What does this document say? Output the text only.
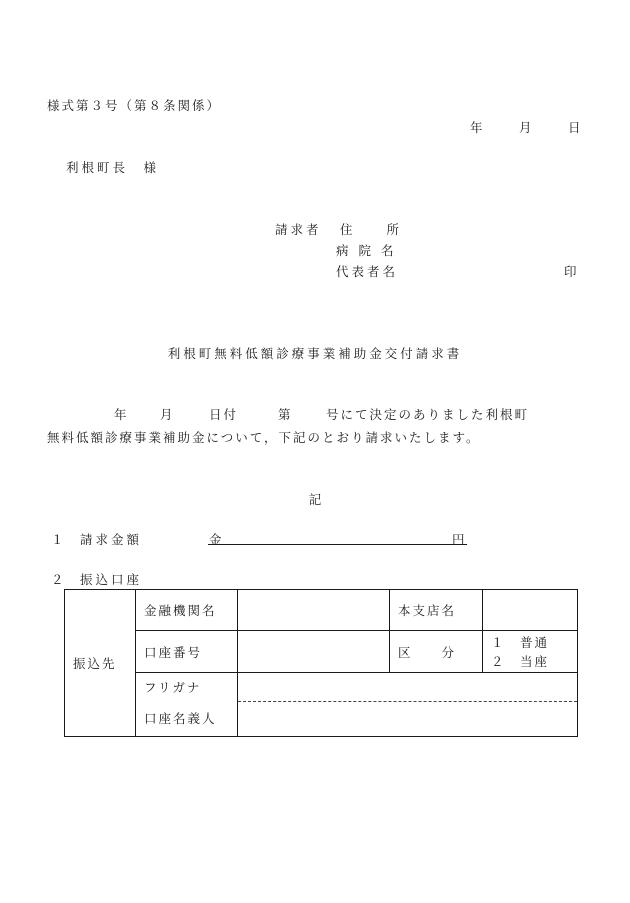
様式第３号（第８条関係）
年	月	日
利根町長　様
請求者 住　　所
病 院 名
代表者名	印
利根町無料低額診療事業補助金交付請求書
年	月	日付	第	号にて決定のありました利根町
無料低額診療事業補助金について，下記のとおり請求いたします。
記
１ 請求金額	金	円
２ 振込口座
振込先	金融機関名		本支店名	
	口座番号		区　　分	１　普通
２　当座

	フリガナ			
	口座名義人			
